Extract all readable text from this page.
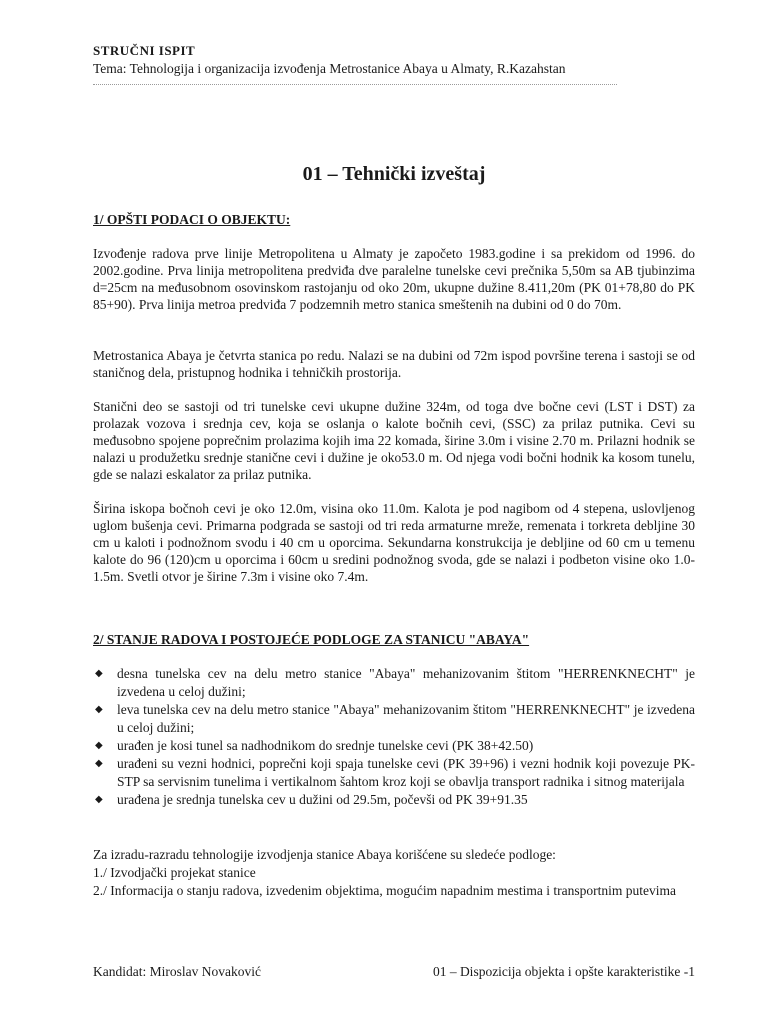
STRUČNI ISPIT
Tema: Tehnologija i organizacija izvođenja Metrostanice Abaya u Almaty, R.Kazahstan
01 – Tehnički izveštaj
1/ OPŠTI PODACI O OBJEKTU:

Izvođenje radova prve linije Metropolitena u Almaty je započeto 1983.godine i sa prekidom od 1996. do 2002.godine. Prva linija metropolitena predviđa dve paralelne tunelske cevi prečnika 5,50m sa AB tjubinzima d=25cm na međusobnom osovinskom rastojanju od oko 20m, ukupne dužine 8.411,20m (PK 01+78,80 do PK 85+90). Prva linija metroa predviđa 7 podzemnih metro stanica smeštenih na dubini od 0 do 70m.

Metrostanica Abaya je četvrta stanica po redu. Nalazi se na dubini od 72m ispod površine terena i sastoji se od staničnog dela, pristupnog hodnika i tehničkih prostorija.

Stanični deo se sastoji od tri tunelske cevi ukupne dužine 324m, od toga dve bočne cevi (LST i DST) za prolazak vozova i srednja cev, koja se oslanja o kalote bočnih cevi, (SSC) za prilaz putnika. Cevi su međusobno spojene poprečnim prolazima kojih ima 22 komada, širine 3.0m i visine 2.70 m. Prilazni hodnik se nalazi u produžetku srednje stanične cevi i dužine je oko53.0 m. Od njega vodi bočni hodnik ka kosom tunelu, gde se nalazi eskalator za prilaz putnika.

Širina iskopa bočnoh cevi je oko 12.0m, visina oko 11.0m. Kalota je pod nagibom od 4 stepena, uslovljenog uglom bušenja cevi. Primarna podgrada se sastoji od tri reda armaturne mreže, remenata i torkreta debljine 30 cm u kaloti i podnožnom svodu i 40 cm u oporcima. Sekundarna konstrukcija je debljine od 60 cm u temenu kalote do 96 (120)cm u oporcima i 60cm u sredini podnožnog svoda, gde se nalazi i podbeton visine oko 1.0-1.5m. Svetli otvor je širine 7.3m i visine oko 7.4m.

2/ STANJE RADOVA I POSTOJEĆE PODLOGE ZA STANICU "ABAYA"
◆ desna tunelska cev na delu metro stanice "Abaya" mehanizovanim štitom "HERRENKNECHT" je izvedena u celoj dužini;
◆ leva tunelska cev na delu metro stanice "Abaya" mehanizovanim štitom "HERRENKNECHT" je izvedena u celoj dužini;
◆ urađen je kosi tunel sa nadhodnikom do srednje tunelske cevi (PK 38+42.50)
◆ urađeni su vezni hodnici, poprečni koji spaja tunelske cevi (PK 39+96) i vezni hodnik koji povezuje PK-STP sa servisnim tunelima i vertikalnom šahtom kroz koji se obavlja transport radnika i sitnog materijala
◆ urađena je srednja tunelska cev u dužini od 29.5m, počevši od PK 39+91.35
Za izradu-razradu tehnologije izvodjenja stanice Abaya korišćene su sledeće podloge:
1./ Izvodjački projekat stanice
2./ Informacija o stanju radova, izvedenim objektima, mogućim napadnim mestima i transportnim putevima
Kandidat: Miroslav Novaković	01 – Dispozicija objekta i opšte karakteristike -1
